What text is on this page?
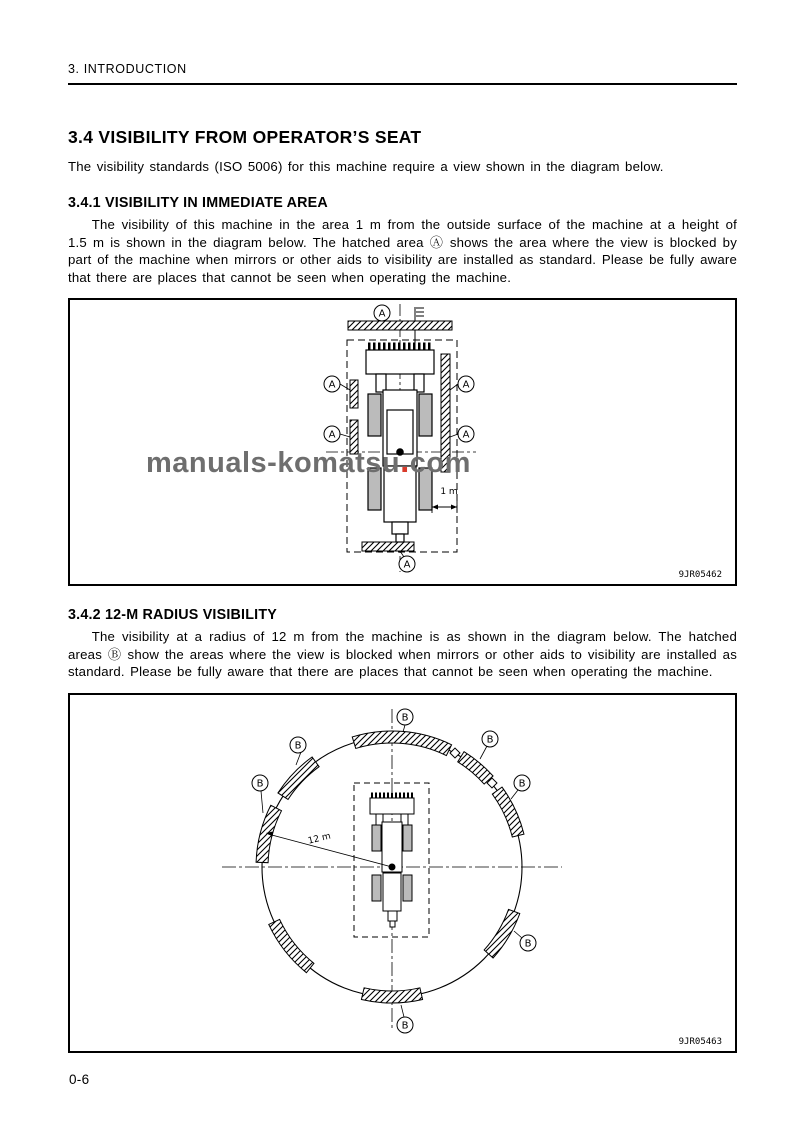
3. INTRODUCTION
3.4 VISIBILITY FROM OPERATOR’S SEAT
The visibility standards (ISO 5006) for this machine require a view shown in the diagram below.
3.4.1 VISIBILITY IN IMMEDIATE AREA

The visibility of this machine in the area 1 m from the outside surface of the machine at a height of 1.5 m is shown in the diagram below. The hatched area Ⓐ shows the area where the view is blocked by part of the machine when mirrors or other aids to visibility are installed as standard. Please be fully aware that there are places that cannot be seen when operating the machine.

A
A
A
A
A
A
1 m
9JR05462
manuals-komatsu.com
3.4.2 12-M RADIUS VISIBILITY

The visibility at a radius of 12 m from the machine is as shown in the diagram below. The hatched areas Ⓑ show the areas where the view is blocked when mirrors or other aids to visibility are installed as standard. Please be fully aware that there are places that cannot be seen when operating the machine.

12 m
B
B
B
B	B
B
B
9JR05463
0-6
